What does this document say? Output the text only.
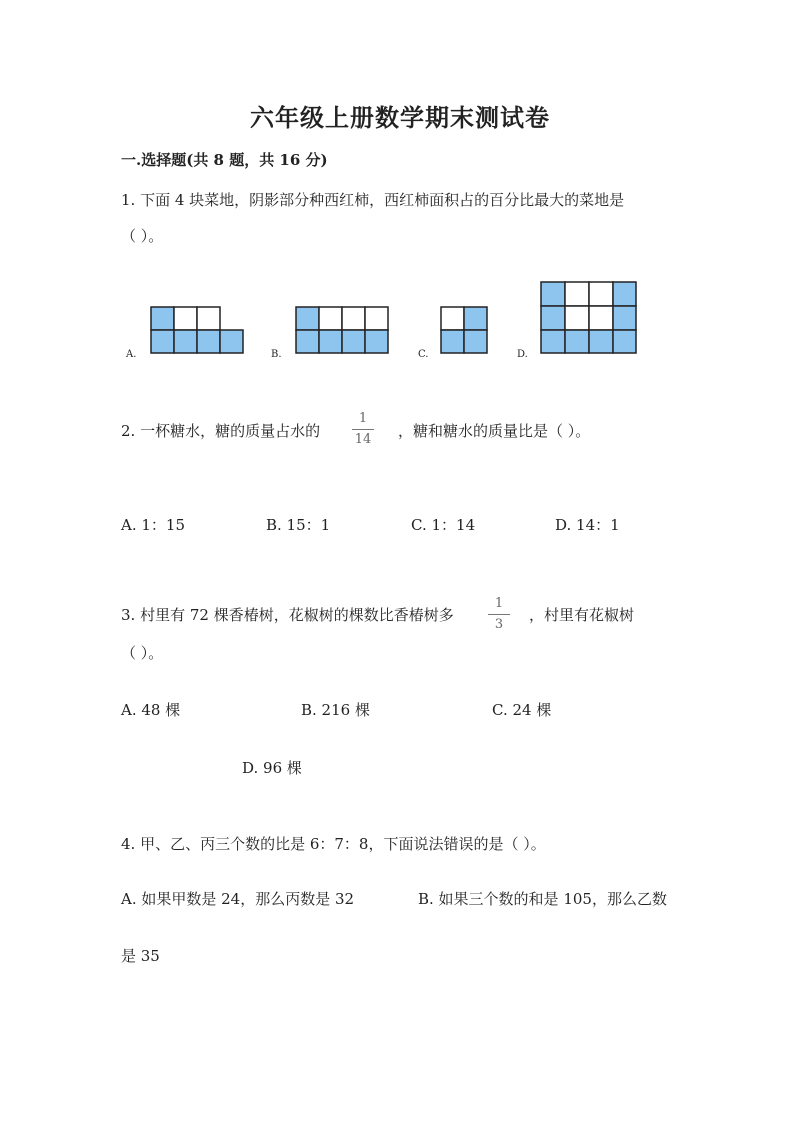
六年级上册数学期末测试卷
一.选择题(共 8 题，共 16 分)
1. 下面 4 块菜地，阴影部分种西红柿，西红柿面积占的百分比最大的菜地是
（ ）。
A.	B.	C.	D.
2. 一杯糖水，糖的质量占水的
1
14	，糖和糖水的质量比是（ ）。
A. 1：15	B. 15：1	C. 1：14	D. 14：1
3. 村里有 72 棵香椿树，花椒树的棵数比香椿树多
1
3
，村里有花椒树
（ ）。
A. 48 棵	B. 216 棵	C. 24 棵
D. 96 棵
4. 甲、乙、丙三个数的比是 6：7：8，下面说法错误的是（ ）。
A. 如果甲数是 24，那么丙数是 32	B. 如果三个数的和是 105，那么乙数
是 35
